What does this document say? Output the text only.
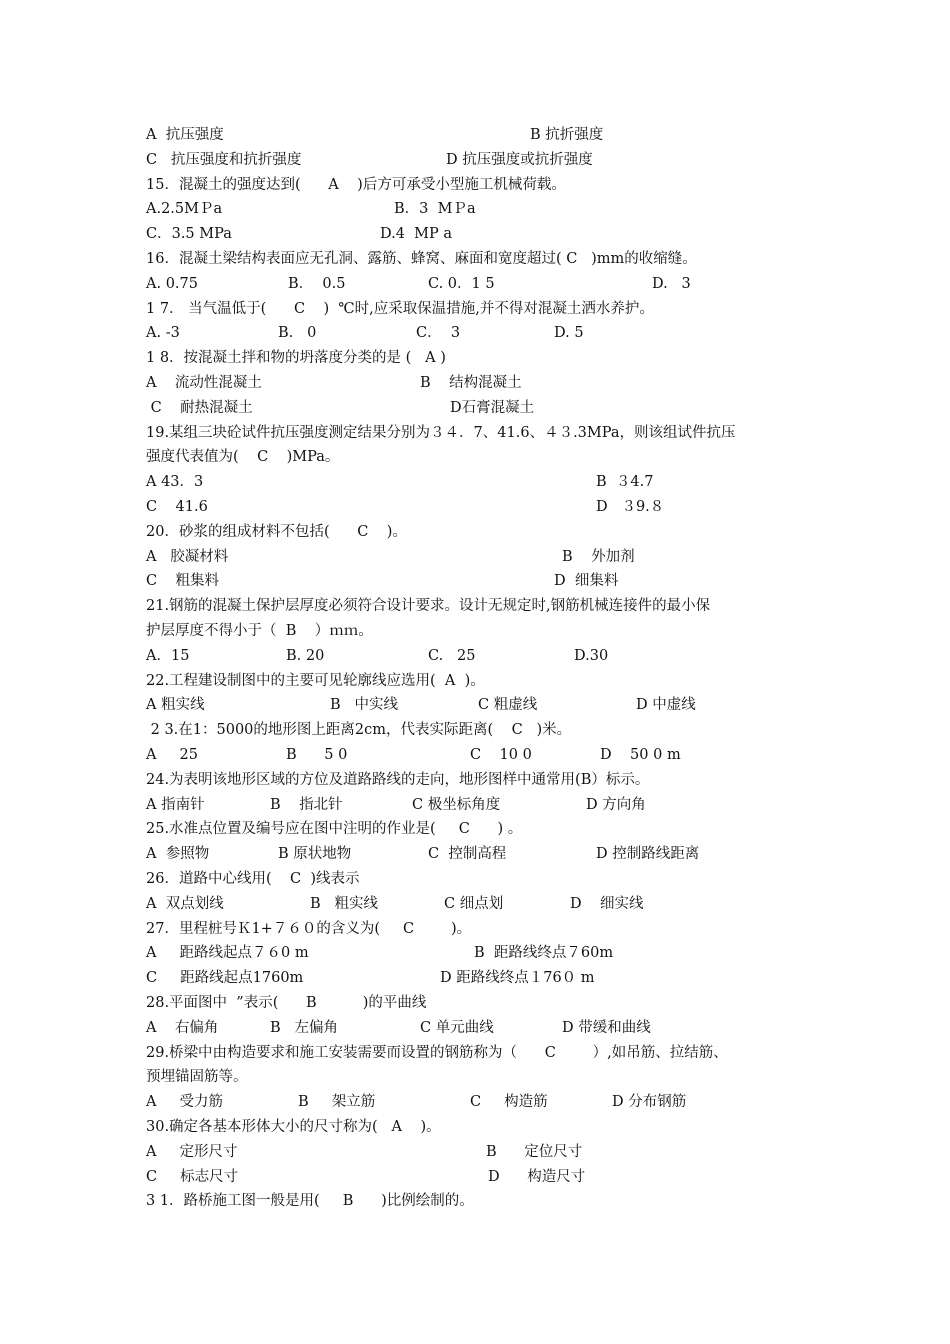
A  抗压强度	B 抗折强度
C   抗压强度和抗折强度	D 抗压强度或抗折强度
15．混凝土的强度达到(      A    )后方可承受小型施工机械荷载。
A.2.5MＰa	B．3  MＰa
C．3.5 MPa	D.4  MP a
16．混凝土梁结构表面应无孔洞、露筋、蜂窝、麻面和宽度超过( C   )mm的收缩缝。
A. 0.75	B．  0.5	C. 0．1 5	D.   3
1 7． 当气温低于(      C    )  ℃时,应采取保温措施,并不得对混凝土洒水养护。
A. -3	B.   0	C．  3	D. 5
1 8．按混凝土拌和物的坍落度分类的是 (   A )
A    流动性混凝土	B    结构混凝土
C    耐热混凝土	D石膏混凝土
19.某组三块砼试件抗压强度测定结果分别为３４．7、41.6、４３.3MPa，则该组试件抗压
强度代表值为(    C    )MPa。
A 43．3	B  ３4.7
C    41.6	D   ３9.８
20．砂浆的组成材料不包括(      C    )。
A   胶凝材料	B    外加剂
C    粗集料	D  细集料
21.钢筋的混凝土保护层厚度必须符合设计要求。设计无规定时,钢筋机械连接件的最小保
护层厚度不得小于（  B    ）ｍｍ。
A．15	B. 20	C.   25	D.30
22.工程建设制图中的主要可见轮廓线应选用(  A  )。
A 粗实线	B   中实线	C 粗虚线	D 中虚线
2 3.在1：5000的地形图上距离2cm，代表实际距离(    C   )米。
A     25	B      5 0	C    10 0	D    50 0 m
24.为表明该地形区域的方位及道路路线的走向，地形图样中通常用(B）标示。
A 指南针	B    指北针	C 极坐标角度	D 方向角
25.水准点位置及编号应在图中注明的作业是(     C      ) 。
A  参照物	B 原状地物	C  控制高程	D 控制路线距离
26．道路中心线用(    C  )线表示
A  双点划线	B   粗实线	C 细点划	D    细实线
27．里程桩号Ｋ1+７６０的含义为(     C        )。
A     距路线起点７６0 m	B  距路线终点７60m
C     距路线起点1760m	D 距路线终点１76０ m
28.平面图中  ”表示(      B          )的平曲线
A    右偏角	B   左偏角	C 单元曲线	D 带缓和曲线
29.桥梁中由构造要求和施工安装需要而设置的钢筋称为（      C        ）,如吊筋、拉结筋、
预埋锚固筋等。
A     受力筋	B     架立筋	C     构造筋	D 分布钢筋
30.确定各基本形体大小的尺寸称为(   A    )。
A     定形尺寸	B      定位尺寸
C     标志尺寸	D      构造尺寸
3 1．路桥施工图一般是用(     B      )比例绘制的。
